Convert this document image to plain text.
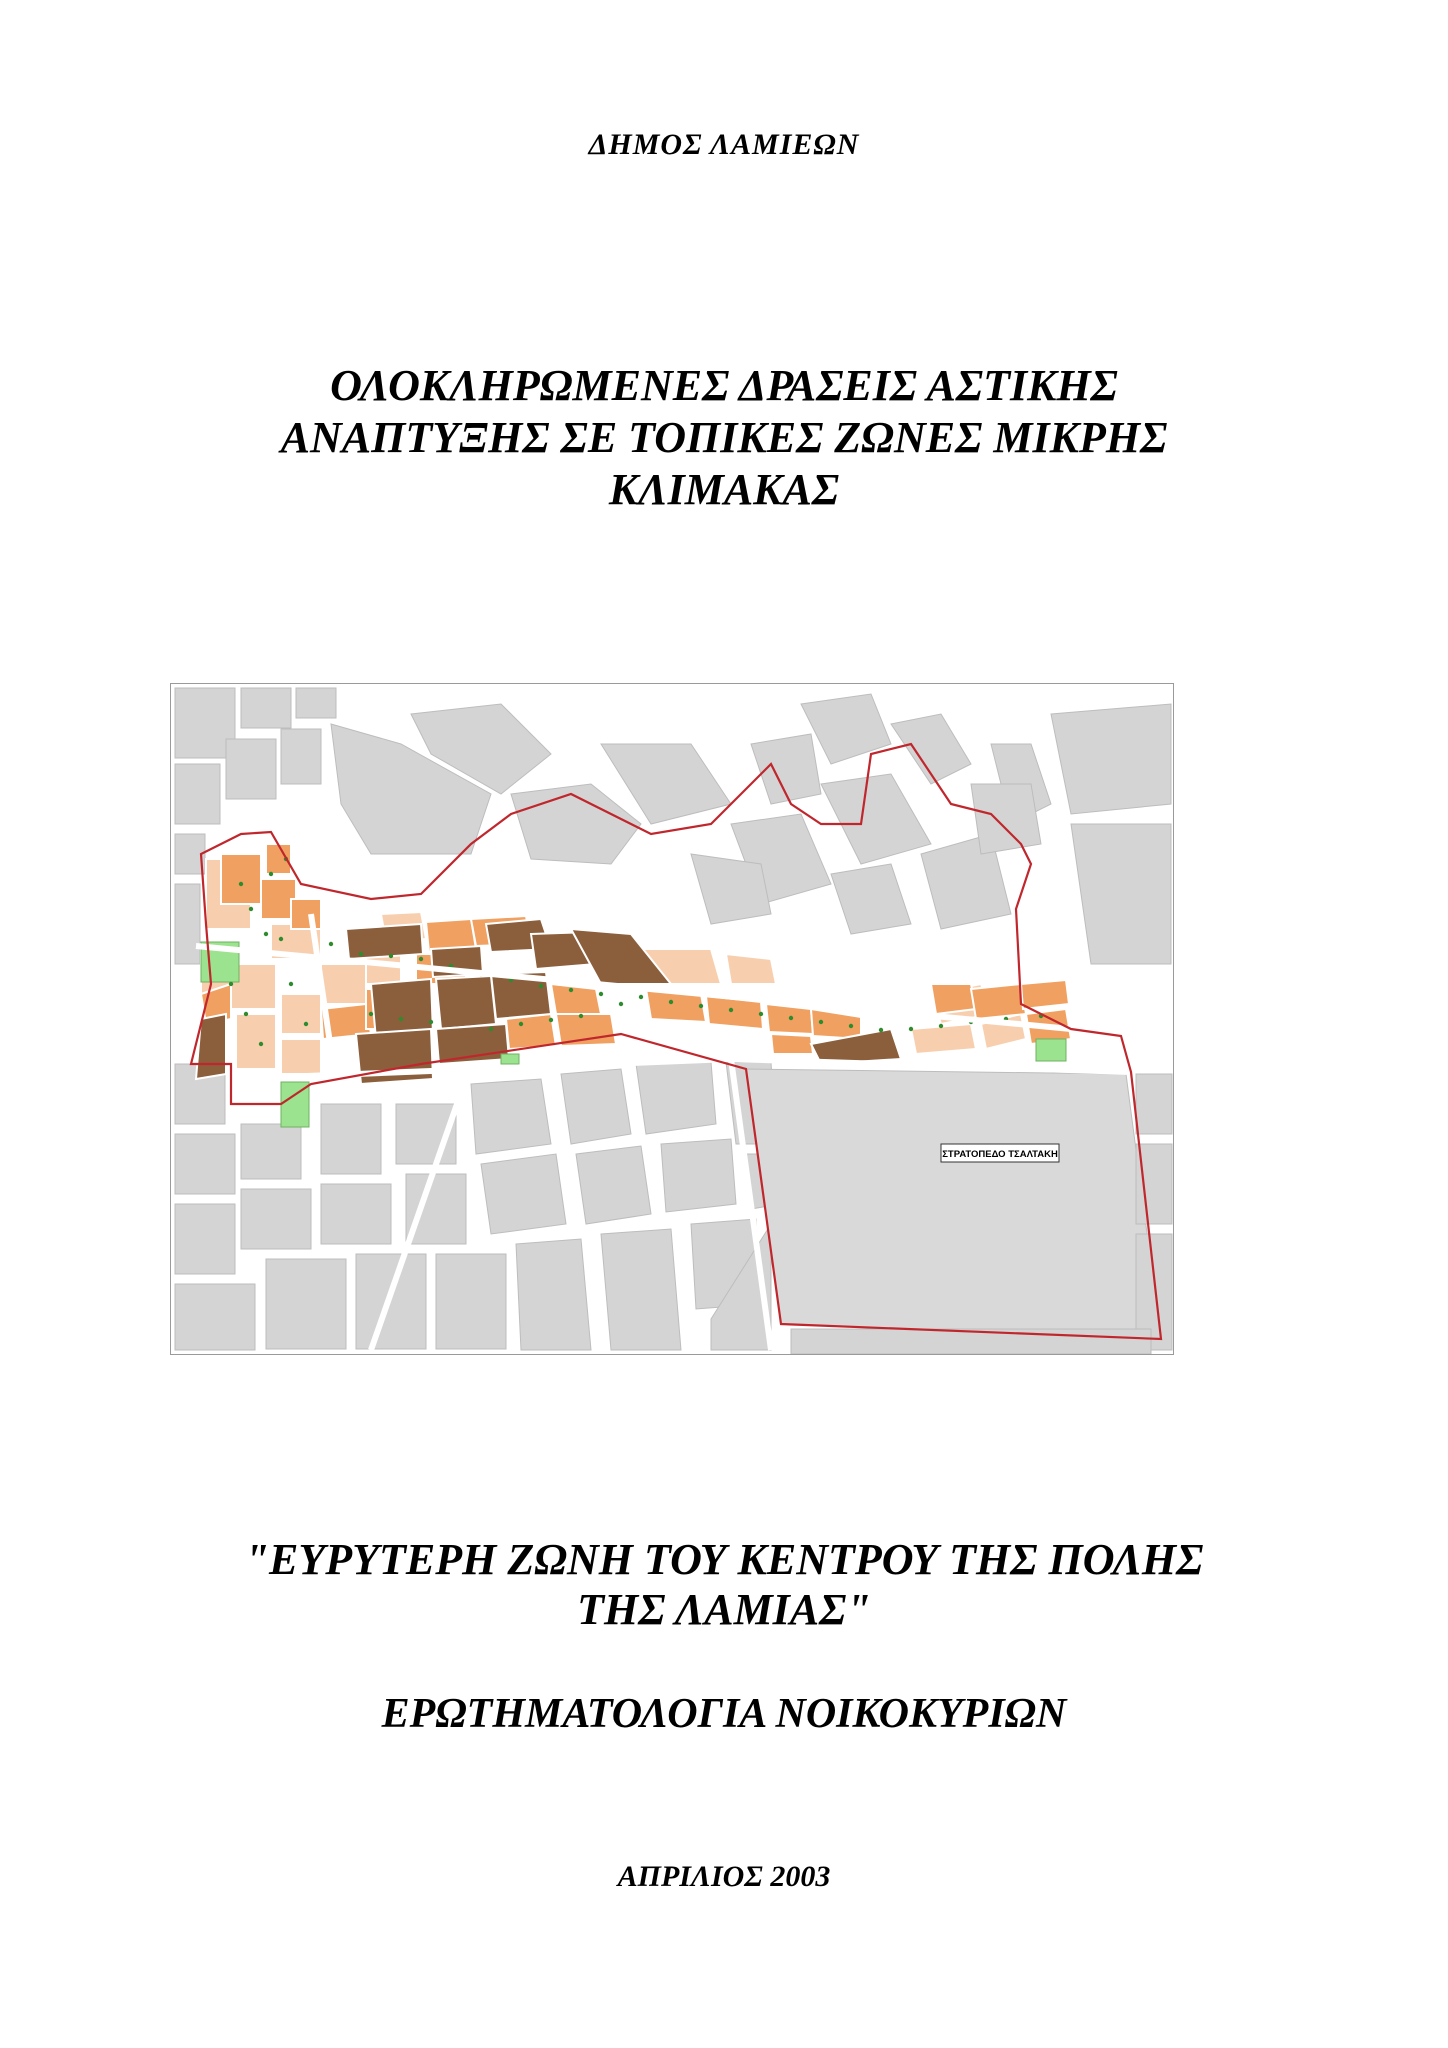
ΔΗΜΟΣ ΛΑΜΙΕΩΝ
ΟΛΟΚΛΗΡΩΜΕΝΕΣ ΔΡΑΣΕΙΣ ΑΣΤΙΚΗΣ
ΑΝΑΠΤΥΞΗΣ ΣΕ ΤΟΠΙΚΕΣ ΖΩΝΕΣ ΜΙΚΡΗΣ
ΚΛΙΜΑΚΑΣ
ΣΤΡΑΤΟΠΕΔΟ ΤΣΑΛΤΑΚΗ
"ΕΥΡΥΤΕΡΗ ΖΩΝΗ ΤΟΥ ΚΕΝΤΡΟΥ ΤΗΣ ΠΟΛΗΣ
ΤΗΣ ΛΑΜΙΑΣ"
ΕΡΩΤΗΜΑΤΟΛΟΓΙΑ ΝΟΙΚΟΚΥΡΙΩΝ
ΑΠΡΙΛΙΟΣ 2003
